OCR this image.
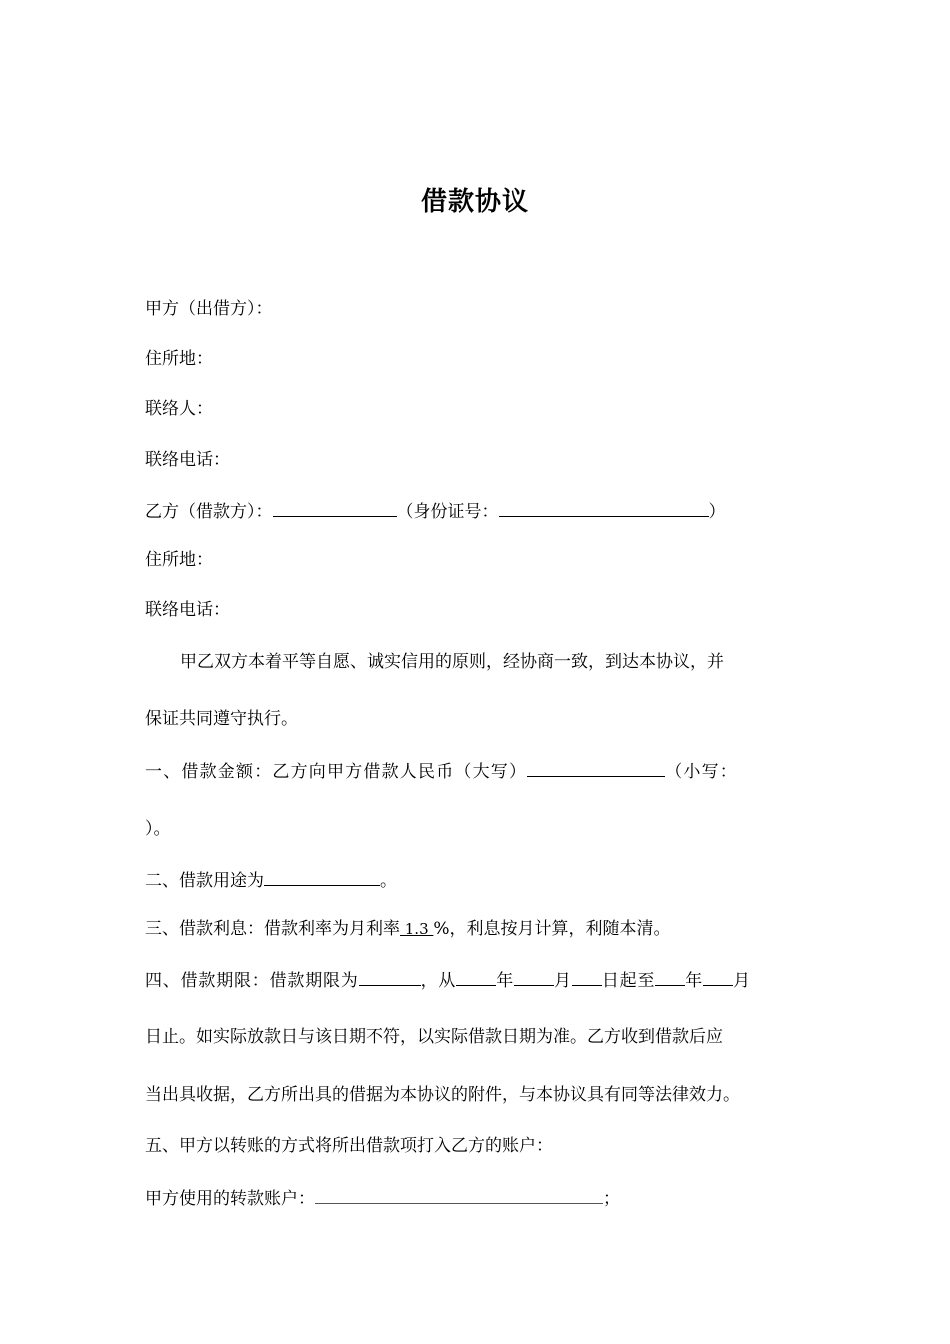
借款协议
甲方（出借方）：
住所地：
联络人：
联络电话：
乙方（借款方）：	（身份证号：	）
住所地：
联络电话：
甲乙双方本着平等自愿、诚实信用的原则，经协商一致，到达本协议，并
保证共同遵守执行。
一、借款金额：乙方向甲方借款人民币（大写）	（小写：
）。
二、借款用途为	。
三、借款利息：借款利率为月利率 1.3 %，利息按月计算，利随本清。
四、借款期限：借款期限为	，从 年 月 日起至 年 月
日止。如实际放款日与该日期不符，以实际借款日期为准。乙方收到借款后应
当出具收据，乙方所出具的借据为本协议的附件，与本协议具有同等法律效力。
五、甲方以转账的方式将所出借款项打入乙方的账户：
甲方使用的转款账户：	；
